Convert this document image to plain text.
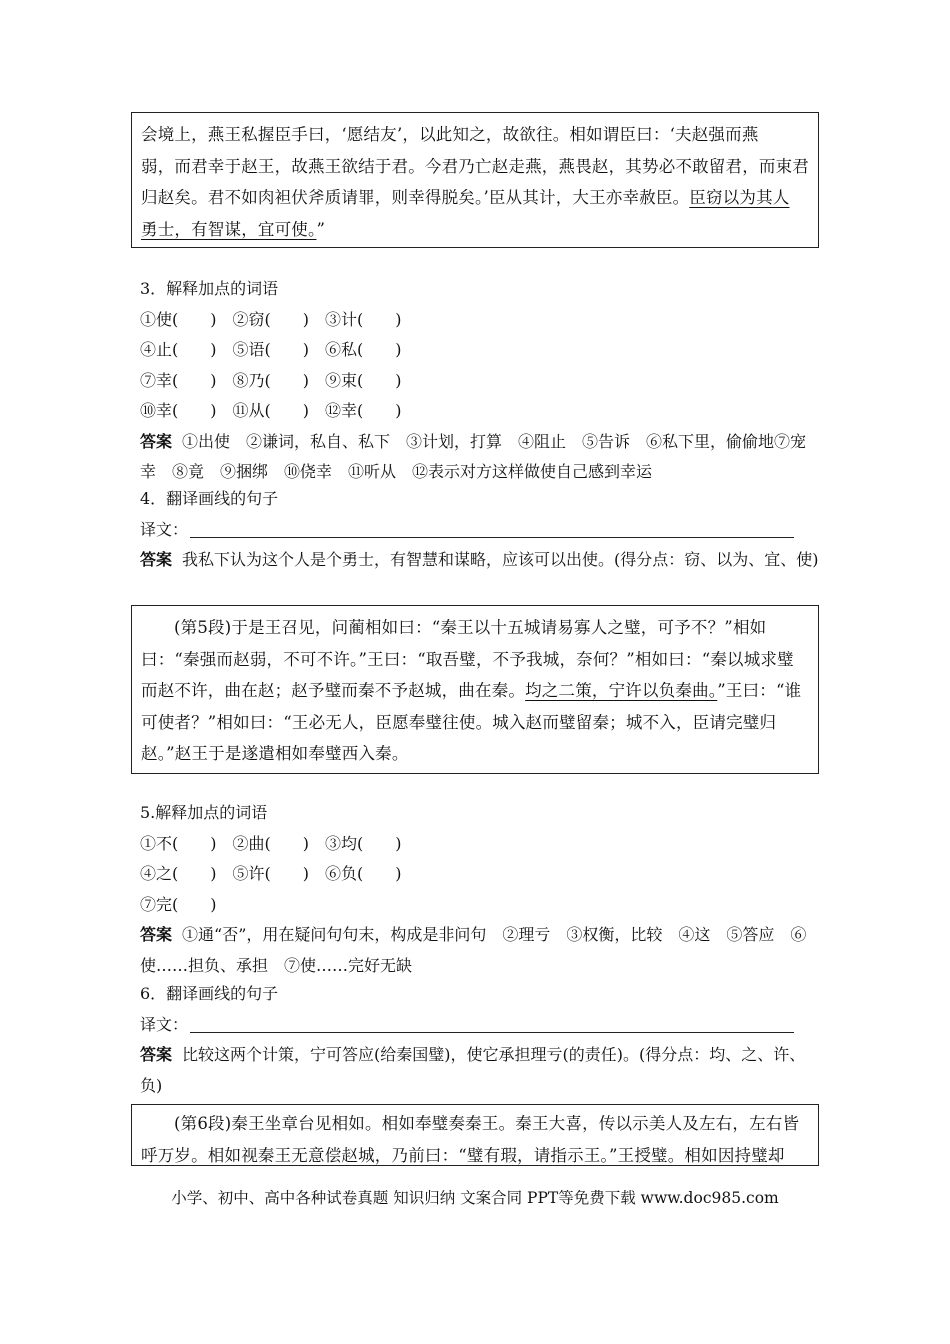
会境上，燕王私握臣手曰，‘愿结友’，以此知之，故欲往。相如谓臣曰：‘夫赵强而燕

弱，而君幸于赵王，故燕王欲结于君。今君乃亡赵走燕，燕畏赵，其势必不敢留君，而束君

归赵矣。君不如肉袒伏斧质请罪，则幸得脱矣。’臣从其计，大王亦幸赦臣。臣窃以为其人

勇士，有智谋，宜可使。”

3．解释加点的词语
①使(　　)　②窃(　　)　③计(　　)
④止(　　)　⑤语(　　)　⑥私(　　)
⑦幸(　　)　⑧乃(　　)　⑨束(　　)
⑩幸(　　)　⑪从(　　)　⑫幸(　　)
答案 ①出使　②谦词，私自、私下　③计划，打算　④阻止　⑤告诉　⑥私下里，偷偷地⑦宠幸　⑧竟　⑨捆绑　⑩侥幸　⑪听从　⑫表示对方这样做使自己感到幸运
4．翻译画线的句子
译文：
答案 我私下认为这个人是个勇士，有智慧和谋略，应该可以出使。(得分点：窃、以为、宜、使)

(第5段)于是王召见，问蔺相如曰：“秦王以十五城请易寡人之璧，可予不？”相如曰：“秦强而赵弱，不可不许。”王曰：“取吾璧，不予我城，奈何？”相如曰：“秦以城求璧而赵不许，曲在赵；赵予璧而秦不予赵城，曲在秦。均之二策，宁许以负秦曲。”王曰：“谁可使者？”相如曰：“王必无人，臣愿奉璧往使。城入赵而璧留秦；城不入，臣请完璧归赵。”赵王于是遂遣相如奉璧西入秦。

5.解释加点的词语
①不(　　)　②曲(　　)　③均(　　)
④之(　　)　⑤许(　　)　⑥负(　　)
⑦完(　　)
答案 ①通“否”，用在疑问句句末，构成是非问句　②理亏　③权衡，比较　④这　⑤答应　⑥使……担负、承担　⑦使……完好无缺
6．翻译画线的句子
译文：
答案 比较这两个计策，宁可答应(给秦国璧)，使它承担理亏(的责任)。(得分点：均、之、许、负)

(第6段)秦王坐章台见相如。相如奉璧奏秦王。秦王大喜，传以示美人及左右，左右皆呼万岁。相如视秦王无意偿赵城，乃前曰：“璧有瑕，请指示王。”王授璧。相如因持璧却

小学、初中、高中各种试卷真题 知识归纳 文案合同 PPT等免费下载 www.doc985.com
